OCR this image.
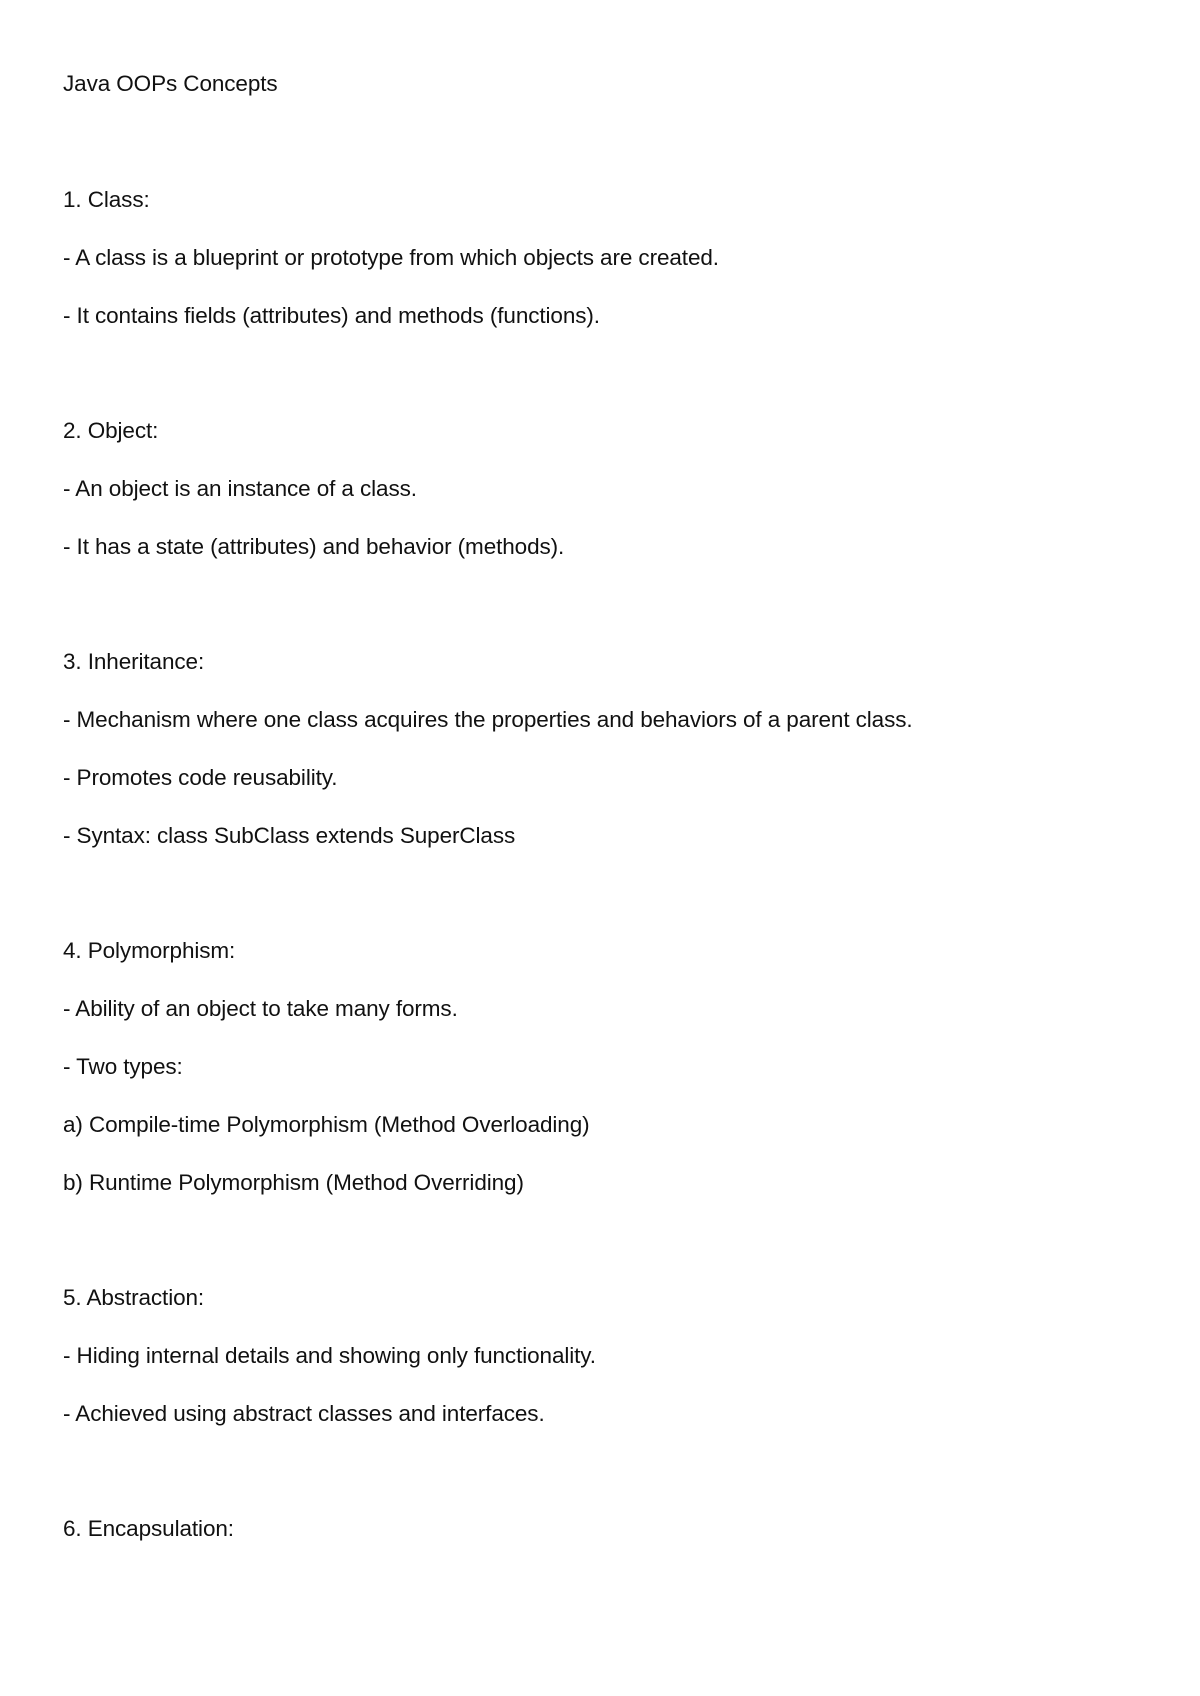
Java OOPs Concepts

1. Class:

- A class is a blueprint or prototype from which objects are created.

- It contains fields (attributes) and methods (functions).

2. Object:

- An object is an instance of a class.

- It has a state (attributes) and behavior (methods).

3. Inheritance:

- Mechanism where one class acquires the properties and behaviors of a parent class.

- Promotes code reusability.

- Syntax: class SubClass extends SuperClass

4. Polymorphism:

- Ability of an object to take many forms.

- Two types:

a) Compile-time Polymorphism (Method Overloading)

b) Runtime Polymorphism (Method Overriding)

5. Abstraction:

- Hiding internal details and showing only functionality.

- Achieved using abstract classes and interfaces.

6. Encapsulation:
